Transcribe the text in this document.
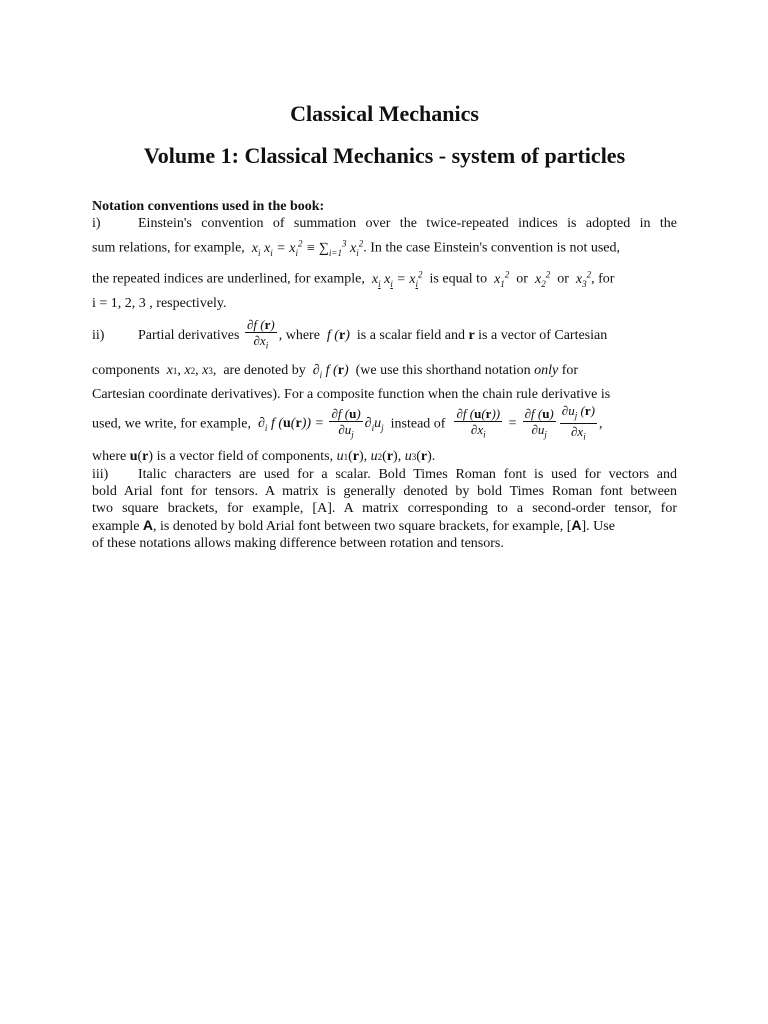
Classical Mechanics
Volume 1: Classical Mechanics - system of particles
Notation conventions used in the book:
i)	Einstein's convention of summation over the twice-repeated indices is adopted in the
sum relations, for example,  $x_i$ $x_i = x_i^2 \equiv \sum_{i=1}^3$ $x_i^2$. In the case Einstein's convention is not used,
the repeated indices are underlined, for example,  $x_i$ $x_i = x_i^2$ is equal to  $x_1^2$ or  $x_2^2$ or  $x_3^2$, for
i = 1, 2, 3 , respectively.
ii)	Partial derivatives $\frac{\partial f (r)}{\partial x_i}$ , where  f (r)  is a scalar field and r is a vector of Cartesian
components  x1, x2, x3,  are denoted by  $\partial_i$ f (r)  (we use this shorthand notation only for
Cartesian coordinate derivatives). For a composite function when the chain rule derivative is
used, we write, for example,  $\partial_i$ f $(u(r)) = \frac{\partial f (u)}{\partial u_j} \partial_iu_j$ instead of $\frac{\partial f (u(r))}{\partial x_i} = \frac{\partial f (u)}{\partial u_j} \frac{\partial u_j (r)}{\partial x_i}$ ,
where u(r) is a vector field of components, u1(r), u2(r), u3(r).
iii)	Italic characters are used for a scalar. Bold Times Roman font is used for vectors and
bold Arial font for tensors. A matrix is generally denoted by bold Times Roman font between
two square brackets, for example, [A]. A matrix corresponding to a second-order tensor, for
example A, is denoted by bold Arial font between two square brackets, for example, [A]. Use
of these notations allows making difference between rotation and tensors.
